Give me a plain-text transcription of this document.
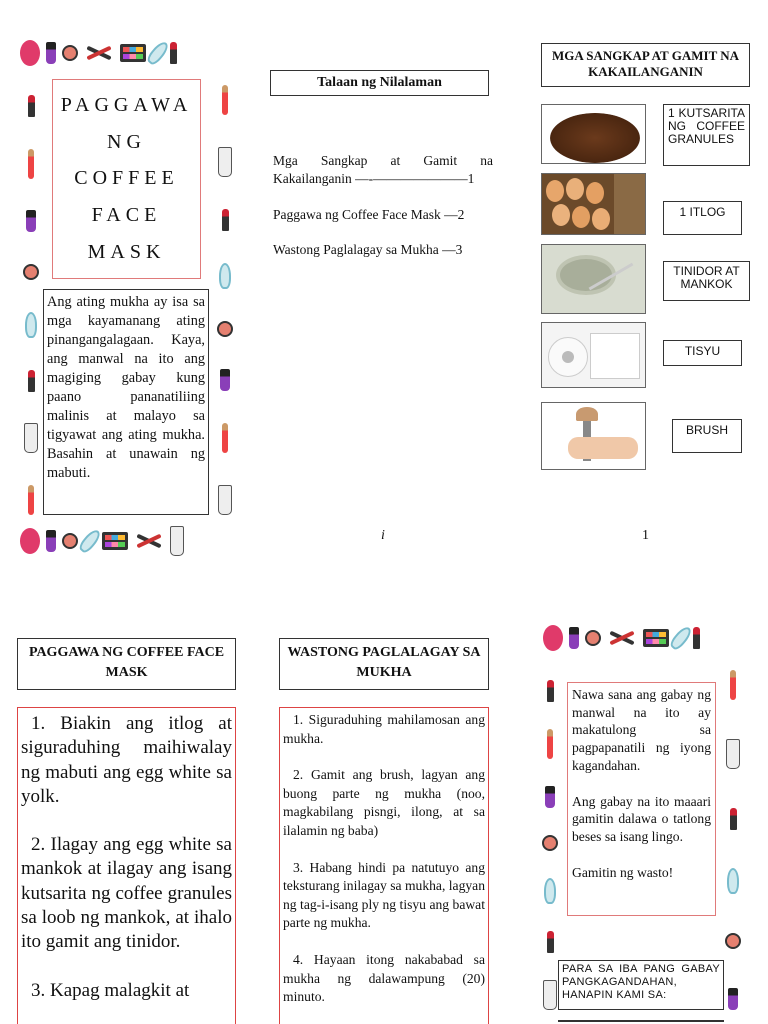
PAGGAWA
NG
COFFEE
FACE
MASK
Ang ating mukha ay isa sa mga kayamanang ating pinangangalagaan. Kaya, ang manwal na ito ang magiging gabay kung paano pananatiliing malinis at malayo sa tigyawat ang ating mukha. Basahin at unawain ng mabuti.
Talaan ng Nilalaman
Mga Sangkap at Gamit na Kakailanganin —-———————1
Paggawa ng Coffee Face Mask —2
Wastong Paglalagay sa Mukha —3
i
MGA SANGKAP AT GAMIT NA KAKAILANGANIN
1 KUTSARITA NG COFFEE GRANULES
1 ITLOG
TINIDOR AT MANKOK
TISYU
BRUSH
1
PAGGAWA NG COFFEE FACE MASK

1. Biakin ang itlog at siguraduhing maihiwalay ng mabuti ang egg white sa yolk.

2. Ilagay ang egg white sa mankok at ilagay ang isang kutsarita ng coffee granules sa loob ng mankok, at ihalo ito gamit ang tinidor.

3. Kapag malagkit at

WASTONG PAGLALAGAY SA MUKHA

1. Siguraduhing mahilamosan ang mukha.

2. Gamit ang brush, lagyan ang buong parte ng mukha (noo, magkabilang pisngi, ilong, at sa ilalamin ng baba)

3. Habang hindi pa natutuyo ang teksturang inilagay sa mukha, lagyan ng tag-i-isang ply ng tisyu ang bawat parte ng mukha.

4. Hayaan itong nakababad sa mukha ng dalawampung (20) minuto.

Nawa sana ang gabay ng manwal na ito ay makatulong sa pagpapanatili ng iyong kagandahan.

Ang gabay na ito maaari gamitin dalawa o tatlong beses sa isang lingo.

Gamitin ng wasto!

PARA SA IBA PANG GABAY PANGKAGANDAHAN, HANAPIN KAMI SA:
